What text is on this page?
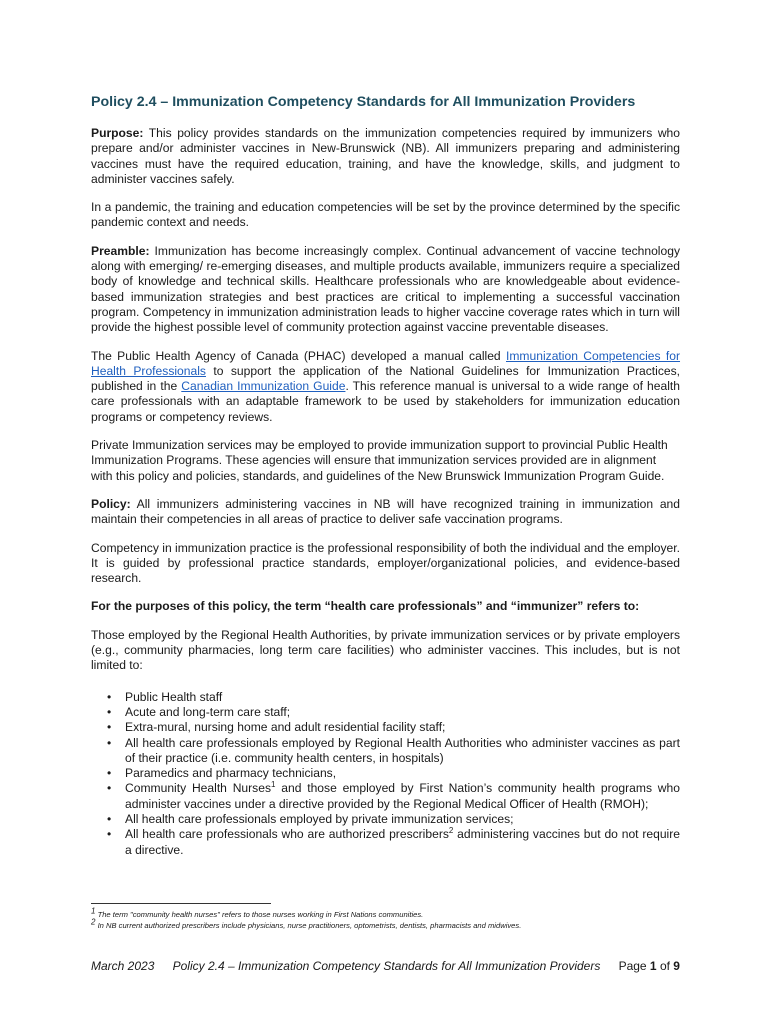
Policy 2.4 – Immunization Competency Standards for All Immunization Providers

Purpose: This policy provides standards on the immunization competencies required by immunizers who prepare and/or administer vaccines in New-Brunswick (NB). All immunizers preparing and administering vaccines must have the required education, training, and have the knowledge, skills, and judgment to administer vaccines safely.

In a pandemic, the training and education competencies will be set by the province determined by the specific pandemic context and needs.

Preamble: Immunization has become increasingly complex. Continual advancement of vaccine technology along with emerging/ re-emerging diseases, and multiple products available, immunizers require a specialized body of knowledge and technical skills. Healthcare professionals who are knowledgeable about evidence-based immunization strategies and best practices are critical to implementing a successful vaccination program. Competency in immunization administration leads to higher vaccine coverage rates which in turn will provide the highest possible level of community protection against vaccine preventable diseases.

The Public Health Agency of Canada (PHAC) developed a manual called Immunization Competencies for Health Professionals to support the application of the National Guidelines for Immunization Practices, published in the Canadian Immunization Guide. This reference manual is universal to a wide range of health care professionals with an adaptable framework to be used by stakeholders for immunization education programs or competency reviews.

Private Immunization services may be employed to provide immunization support to provincial Public Health Immunization Programs. These agencies will ensure that immunization services provided are in alignment with this policy and policies, standards, and guidelines of the New Brunswick Immunization Program Guide.

Policy: All immunizers administering vaccines in NB will have recognized training in immunization and maintain their competencies in all areas of practice to deliver safe vaccination programs.

Competency in immunization practice is the professional responsibility of both the individual and the employer. It is guided by professional practice standards, employer/organizational policies, and evidence-based research.

For the purposes of this policy, the term “health care professionals” and “immunizer” refers to:

Those employed by the Regional Health Authorities, by private immunization services or by private employers (e.g., community pharmacies, long term care facilities) who administer vaccines. This includes, but is not limited to:

• Public Health staff
• Acute and long-term care staff;
• Extra-mural, nursing home and adult residential facility staff;
• All health care professionals employed by Regional Health Authorities who administer vaccines as part of their practice (i.e. community health centers, in hospitals)
• Paramedics and pharmacy technicians,
• Community Health Nurses$^1$ and those employed by First Nation’s community health programs who administer vaccines under a directive provided by the Regional Medical Officer of Health (RMOH);
• All health care professionals employed by private immunization services;
• All health care professionals who are authorized prescribers$^2$ administering vaccines but do not require a directive.
$^1$ The term "community health nurses" refers to those nurses working in First Nations communities.
$^2$ In NB current authorized prescribers include physicians, nurse practitioners, optometrists, dentists, pharmacists and midwives.
March 2023 Policy 2.4 – Immunization Competency Standards for All Immunization Providers Page 1 of 9
